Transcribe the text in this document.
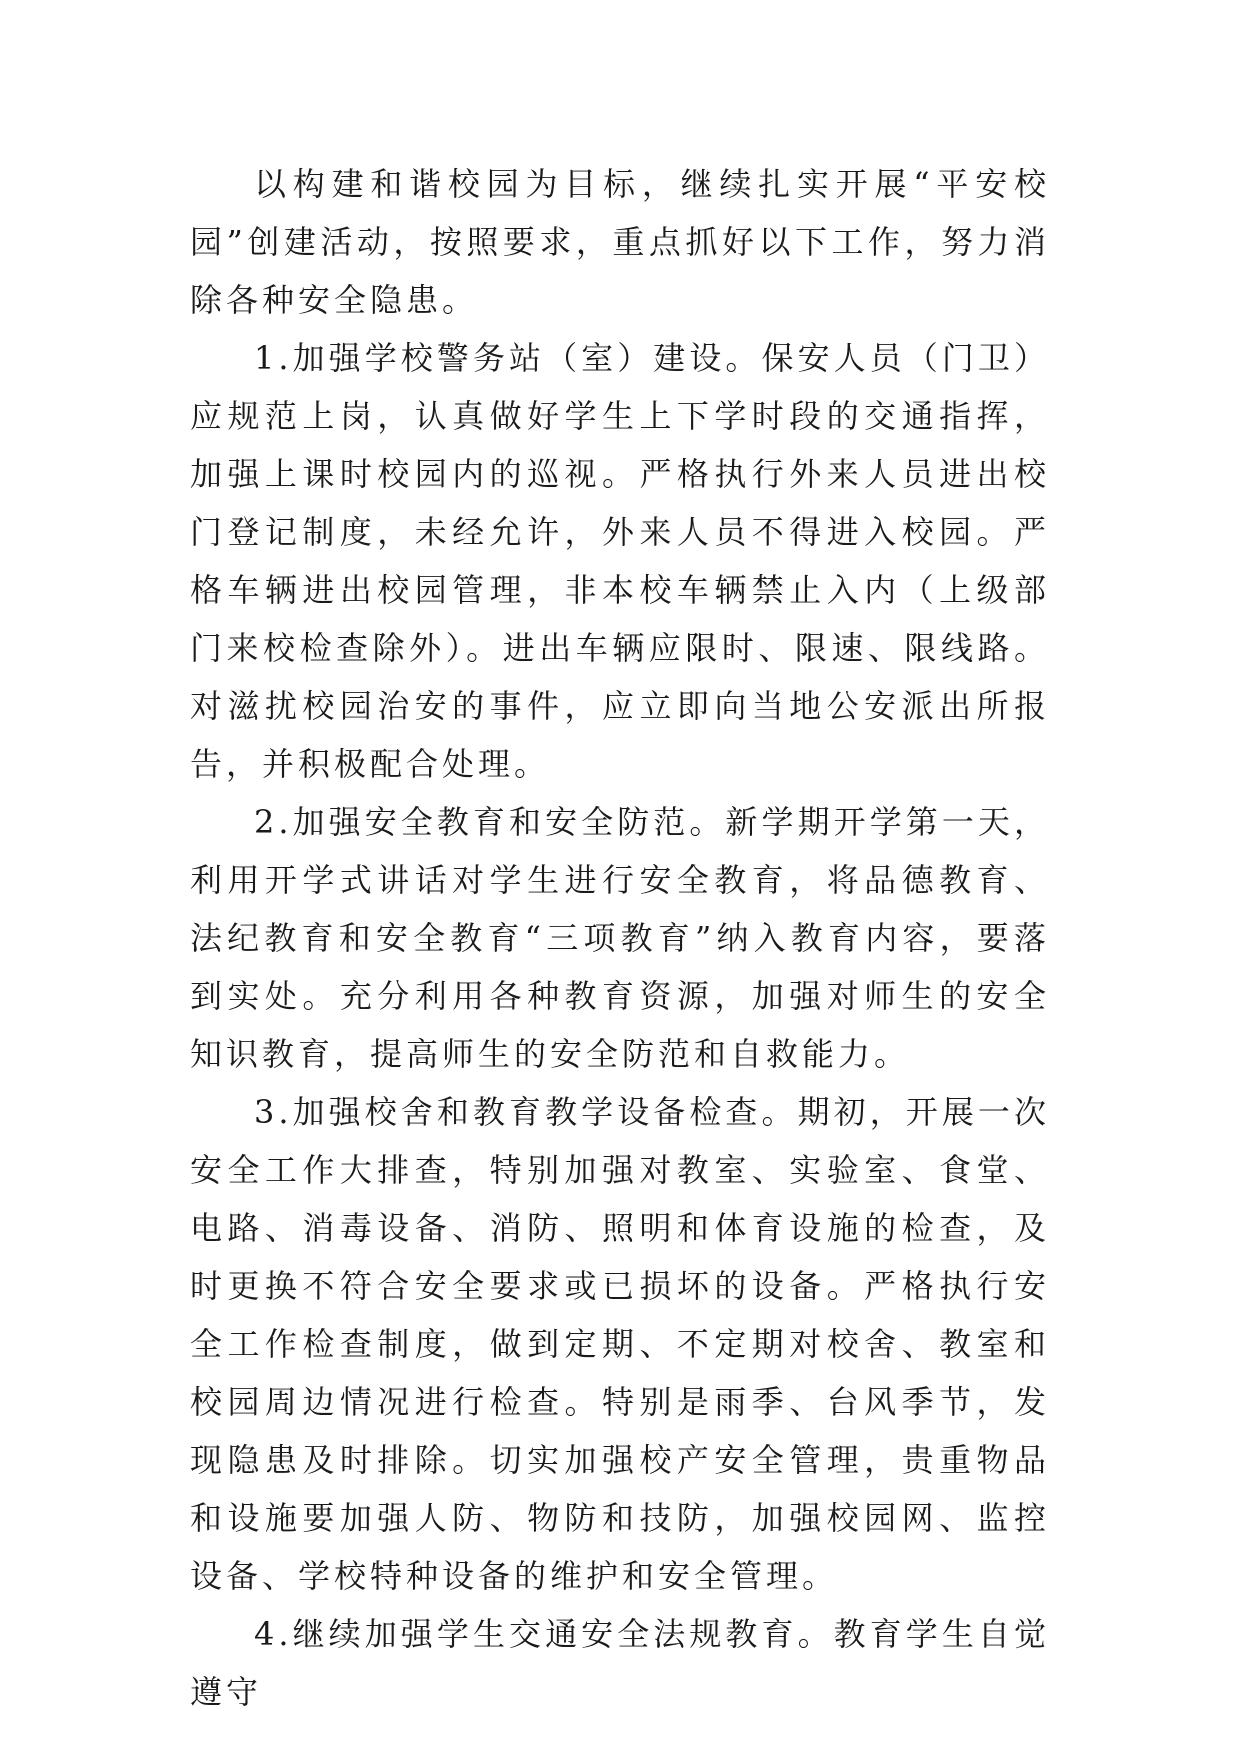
以构建和谐校园为目标，继续扎实开展“平安校园”创建活动，按照要求，重点抓好以下工作，努力消除各种安全隐患。

1.加强学校警务站（室）建设。保安人员（门卫）应规范上岗，认真做好学生上下学时段的交通指挥，加强上课时校园内的巡视。严格执行外来人员进出校门登记制度，未经允许，外来人员不得进入校园。严格车辆进出校园管理，非本校车辆禁止入内（上级部门来校检查除外）。进出车辆应限时、限速、限线路。对滋扰校园治安的事件，应立即向当地公安派出所报告，并积极配合处理。

2.加强安全教育和安全防范。新学期开学第一天，利用开学式讲话对学生进行安全教育，将品德教育、法纪教育和安全教育“三项教育”纳入教育内容，要落到实处。充分利用各种教育资源，加强对师生的安全知识教育，提高师生的安全防范和自救能力。

3.加强校舍和教育教学设备检查。期初，开展一次安全工作大排查，特别加强对教室、实验室、食堂、电路、消毒设备、消防、照明和体育设施的检查，及时更换不符合安全要求或已损坏的设备。严格执行安全工作检查制度，做到定期、不定期对校舍、教室和校园周边情况进行检查。特别是雨季、台风季节，发现隐患及时排除。切实加强校产安全管理，贵重物品和设施要加强人防、物防和技防，加强校园网、监控设备、学校特种设备的维护和安全管理。

4.继续加强学生交通安全法规教育。教育学生自觉遵守
